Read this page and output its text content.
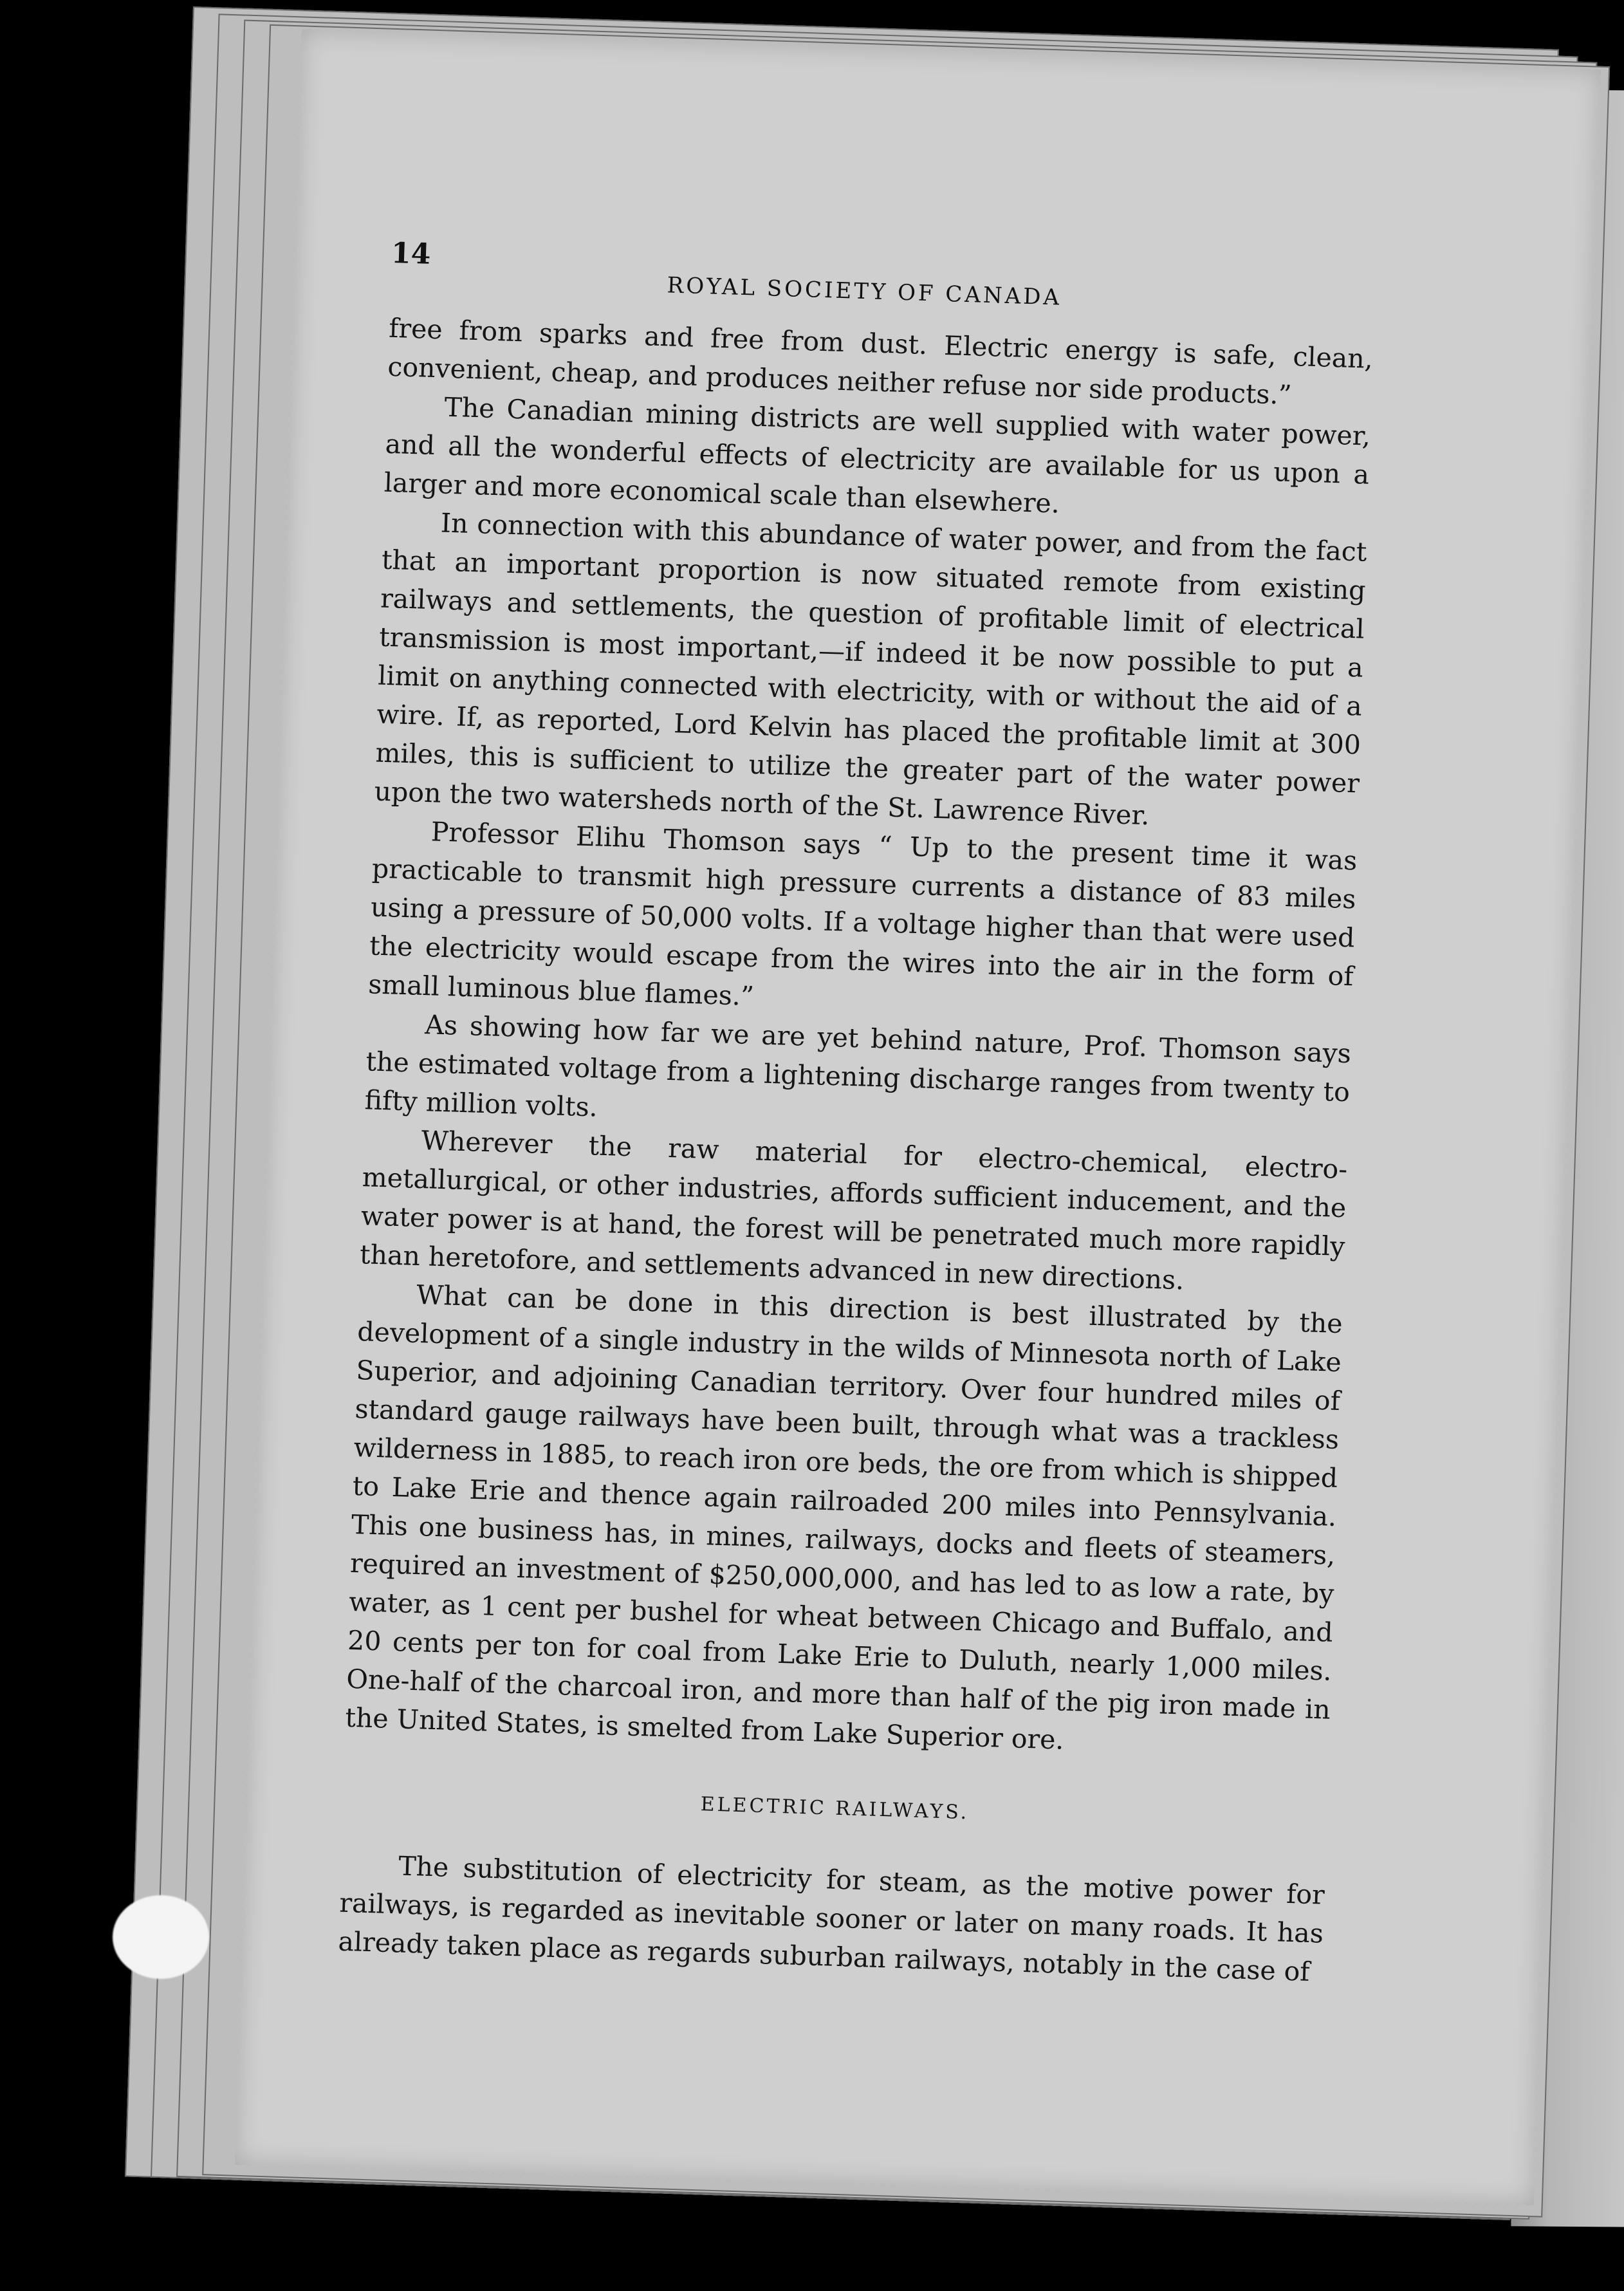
14
ROYAL SOCIETY OF CANADA

free from sparks and free from dust. Electric energy is safe, clean, convenient, cheap, and produces neither refuse nor side products.”

The Canadian mining districts are well supplied with water power, and all the wonderful effects of electricity are available for us upon a larger and more economical scale than elsewhere.

In connection with this abundance of water power, and from the fact that an important proportion is now situated remote from existing railways and settlements, the question of profitable limit of electrical transmission is most important,—if indeed it be now possible to put a limit on anything connected with electricity, with or without the aid of a wire. If, as reported, Lord Kelvin has placed the profitable limit at 300 miles, this is sufficient to utilize the greater part of the water power upon the two watersheds north of the St. Lawrence River.

Professor Elihu Thomson says “ Up to the present time it was practicable to transmit high pressure currents a distance of 83 miles using a pressure of 50,000 volts. If a voltage higher than that were used the electricity would escape from the wires into the air in the form of small luminous blue flames.”

As showing how far we are yet behind nature, Prof. Thomson says the estimated voltage from a lightening discharge ranges from twenty to fifty million volts.

Wherever the raw material for electro-chemical, electro-metallurgical, or other industries, affords sufficient inducement, and the water power is at hand, the forest will be penetrated much more rapidly than heretofore, and settlements advanced in new directions.

What can be done in this direction is best illustrated by the development of a single industry in the wilds of Minnesota north of Lake Superior, and adjoining Canadian territory. Over four hundred miles of standard gauge railways have been built, through what was a trackless wilderness in 1885, to reach iron ore beds, the ore from which is shipped to Lake Erie and thence again railroaded 200 miles into Pennsylvania. This one business has, in mines, railways, docks and fleets of steamers, required an investment of $250,000,000, and has led to as low a rate, by water, as 1 cent per bushel for wheat between Chicago and Buffalo, and 20 cents per ton for coal from Lake Erie to Duluth, nearly 1,000 miles. One-half of the charcoal iron, and more than half of the pig iron made in the United States, is smelted from Lake Superior ore.

ELECTRIC RAILWAYS.

The substitution of electricity for steam, as the motive power for railways, is regarded as inevitable sooner or later on many roads. It has already taken place as regards suburban railways, notably in the case of
